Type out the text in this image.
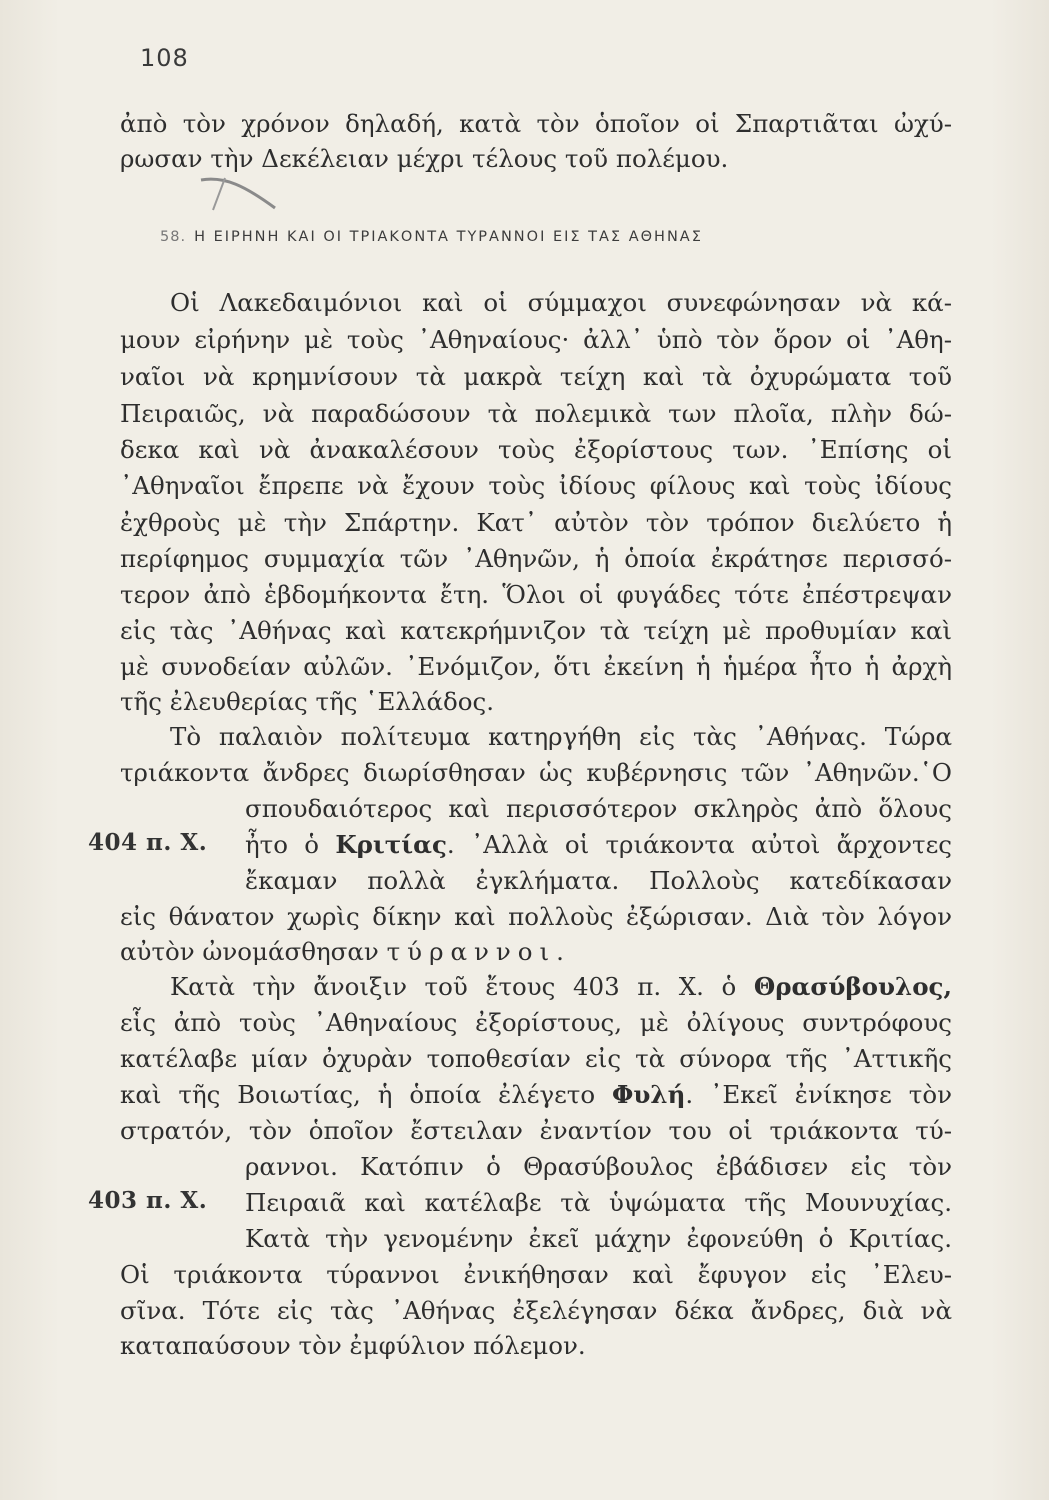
108
ἀπὸ τὸν χρόνον δηλαδή, κατὰ τὸν ὁποῖον οἱ Σπαρτιᾶται ὠχύ-
ρωσαν τὴν Δεκέλειαν μέχρι τέλους τοῦ πολέμου.
58. Η ΕΙΡΗΝΗ ΚΑΙ ΟΙ ΤΡΙΑΚΟΝΤΑ ΤΥΡΑΝΝΟΙ ΕΙΣ ΤΑΣ ΑΘΗΝΑΣ
Οἱ Λακεδαιμόνιοι καὶ οἱ σύμμαχοι συνεφώνησαν νὰ κά-
μουν εἰρήνην μὲ τοὺς ᾿Αθηναίους· ἀλλ᾿ ὑπὸ τὸν ὅρον οἱ ᾿Αθη-
ναῖοι νὰ κρημνίσουν τὰ μακρὰ τείχη καὶ τὰ ὀχυρώματα τοῦ
Πειραιῶς, νὰ παραδώσουν τὰ πολεμικὰ των πλοῖα, πλὴν δώ-
δεκα καὶ νὰ ἀνακαλέσουν τοὺς ἐξορίστους των. ᾿Επίσης οἱ
᾿Αθηναῖοι ἔπρεπε νὰ ἔχουν τοὺς ἰδίους φίλους καὶ τοὺς ἰδίους
ἐχθροὺς μὲ τὴν Σπάρτην. Κατ᾿ αὐτὸν τὸν τρόπον διελύετο ἡ
περίφημος συμμαχία τῶν ᾿Αθηνῶν, ἡ ὁποία ἐκράτησε περισσό-
τερον ἀπὸ ἑβδομήκοντα ἔτη. Ὅλοι οἱ φυγάδες τότε ἐπέστρεψαν
εἰς τὰς ᾿Αθήνας καὶ κατεκρήμνιζον τὰ τείχη μὲ προθυμίαν καὶ
μὲ συνοδείαν αὐλῶν. ᾿Ενόμιζον, ὅτι ἐκείνη ἡ ἡμέρα ἦτο ἡ ἀρχὴ
τῆς ἐλευθερίας τῆς ῾Ελλάδος.
Τὸ παλαιὸν πολίτευμα κατηργήθη εἰς τὰς ᾿Αθήνας. Τώρα
τριάκοντα ἄνδρες διωρίσθησαν ὡς κυβέρνησις τῶν ᾿Αθηνῶν.῾Ο
σπουδαιότερος καὶ περισσότερον σκληρὸς ἀπὸ ὅλους
404 π. Χ. ἦτο ὁ Κριτίας. ᾿Αλλὰ οἱ τριάκοντα αὐτοὶ ἄρχοντες
ἔκαμαν πολλὰ ἐγκλήματα. Πολλοὺς κατεδίκασαν
εἰς θάνατον χωρὶς δίκην καὶ πολλοὺς ἐξώρισαν. Διὰ τὸν λόγον
αὐτὸν ὠνομάσθησαν τύραννοι.
Κατὰ τὴν ἄνοιξιν τοῦ ἔτους 403 π. Χ. ὁ Θρασύβουλος,
εἷς ἀπὸ τοὺς ᾿Αθηναίους ἐξορίστους, μὲ ὀλίγους συντρόφους
κατέλαβε μίαν ὀχυρὰν τοποθεσίαν εἰς τὰ σύνορα τῆς ᾿Αττικῆς
καὶ τῆς Βοιωτίας, ἡ ὁποία ἐλέγετο Φυλή. ᾿Εκεῖ ἐνίκησε τὸν
στρατόν, τὸν ὁποῖον ἔστειλαν ἐναντίον του οἱ τριάκοντα τύ-
ραννοι. Κατόπιν ὁ Θρασύβουλος ἐβάδισεν εἰς τὸν
403 π. Χ. Πειραιᾶ καὶ κατέλαβε τὰ ὑψώματα τῆς Μουνυχίας.
Κατὰ τὴν γενομένην ἐκεῖ μάχην ἐφονεύθη ὁ Κριτίας.
Οἱ τριάκοντα τύραννοι ἐνικήθησαν καὶ ἔφυγον εἰς ᾿Ελευ-
σῖνα. Τότε εἰς τὰς ᾿Αθήνας ἐξελέγησαν δέκα ἄνδρες, διὰ νὰ
καταπαύσουν τὸν ἐμφύλιον πόλεμον.
